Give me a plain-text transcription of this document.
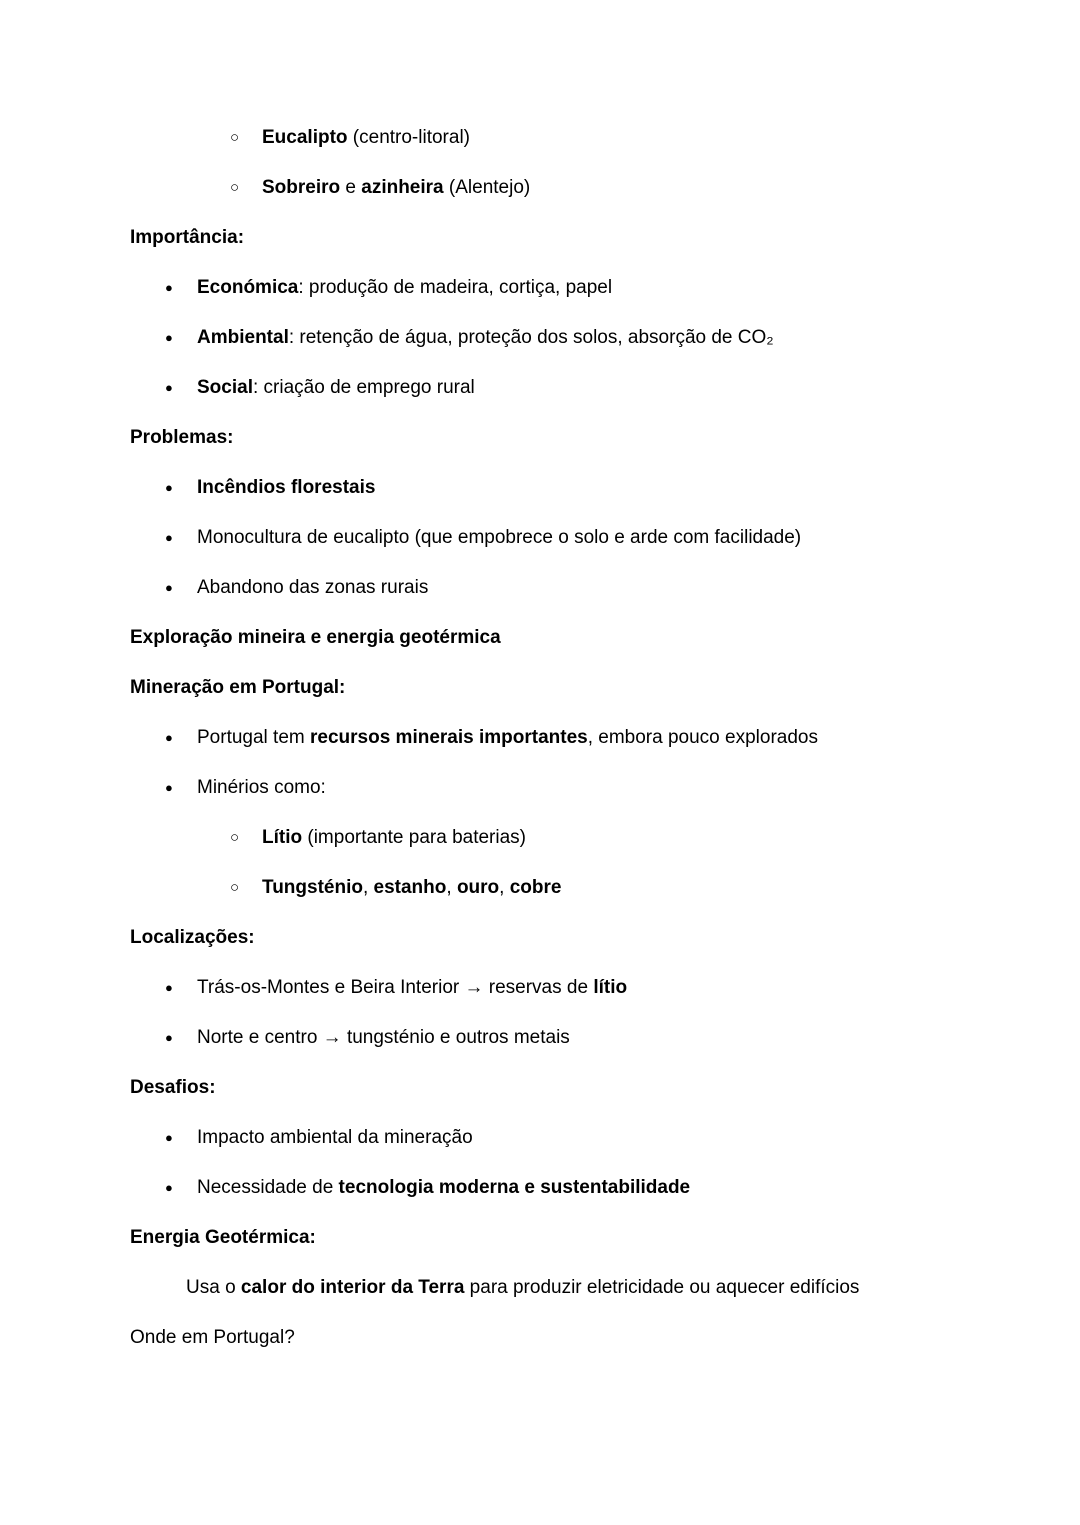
○	Eucalipto (centro-litoral)
○	Sobreiro e azinheira (Alentejo)
Importância:
●	Económica: produção de madeira, cortiça, papel
●	Ambiental: retenção de água, proteção dos solos, absorção de CO₂
●	Social: criação de emprego rural
Problemas:
●	Incêndios florestais
●	Monocultura de eucalipto (que empobrece o solo e arde com facilidade)
●	Abandono das zonas rurais
Exploração mineira e energia geotérmica
Mineração em Portugal:
●	Portugal tem recursos minerais importantes, embora pouco explorados
●	Minérios como:
○	Lítio (importante para baterias)
○	Tungsténio, estanho, ouro, cobre
Localizações:
●	Trás-os-Montes e Beira Interior → reservas de lítio
●	Norte e centro → tungsténio e outros metais
Desafios:
●	Impacto ambiental da mineração
●	Necessidade de tecnologia moderna e sustentabilidade
Energia Geotérmica:
Usa o calor do interior da Terra para produzir eletricidade ou aquecer edifícios
Onde em Portugal?
